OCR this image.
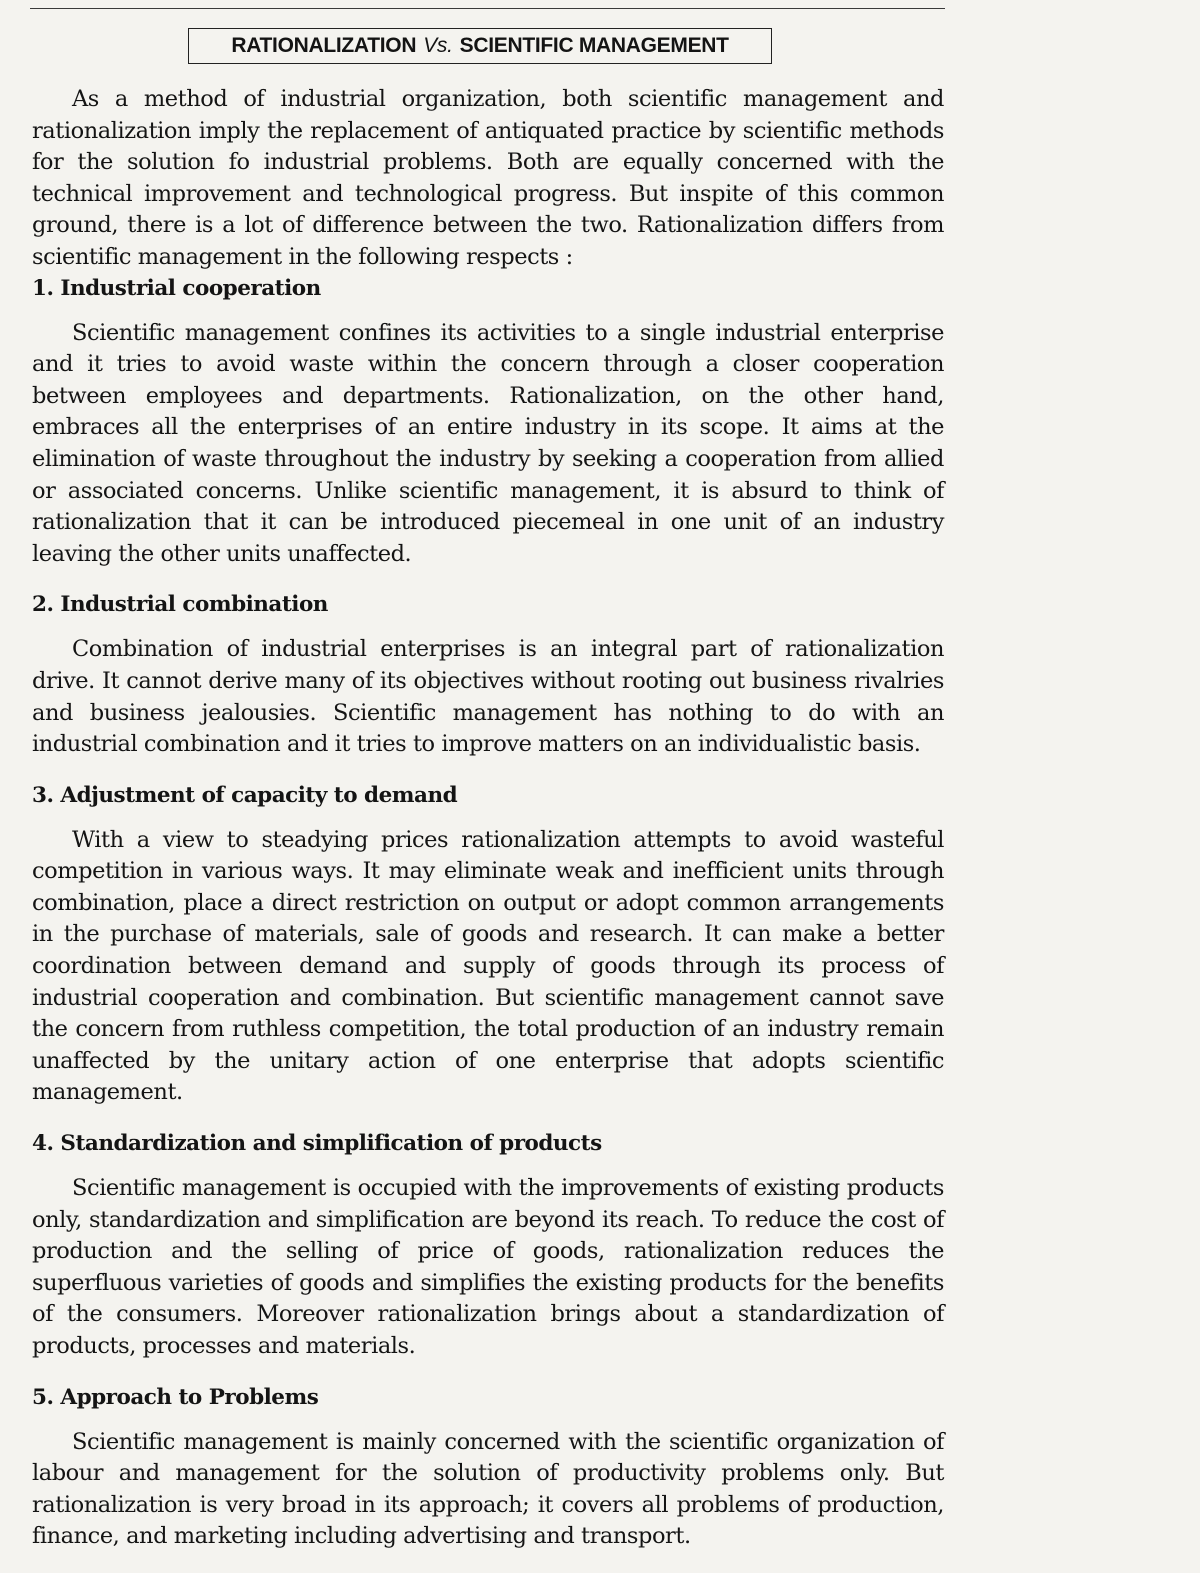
RATIONALIZATION Vs. SCIENTIFIC MANAGEMENT

As a method of industrial organization, both scientific management and rationalization imply the replacement of antiquated practice by scientific methods for the solution fo industrial problems. Both are equally concerned with the technical improvement and technological progress. But inspite of this common ground, there is a lot of difference between the two. Rationalization differs from scientific management in the following respects :

1. Industrial cooperation

Scientific management confines its activities to a single industrial enterprise and it tries to avoid waste within the concern through a closer cooperation between employees and departments. Rationalization, on the other hand, embraces all the enterprises of an entire industry in its scope. It aims at the elimination of waste throughout the industry by seeking a cooperation from allied or associated concerns. Unlike scientific management, it is absurd to think of rationalization that it can be introduced piecemeal in one unit of an industry leaving the other units unaffected.

2. Industrial combination

Combination of industrial enterprises is an integral part of rationalization drive. It cannot derive many of its objectives without rooting out business rivalries and business jealousies. Scientific management has nothing to do with an industrial combination and it tries to improve matters on an individualistic basis.

3. Adjustment of capacity to demand

With a view to steadying prices rationalization attempts to avoid wasteful competition in various ways. It may eliminate weak and inefficient units through combination, place a direct restriction on output or adopt common arrangements in the purchase of materials, sale of goods and research. It can make a better coordination between demand and supply of goods through its process of industrial cooperation and combination. But scientific management cannot save the concern from ruthless competition, the total production of an industry remain unaffected by the unitary action of one enterprise that adopts scientific management.

4. Standardization and simplification of products

Scientific management is occupied with the improvements of existing products only, standardization and simplification are beyond its reach. To reduce the cost of production and the selling of price of goods, rationalization reduces the superfluous varieties of goods and simplifies the existing products for the benefits of the consumers. Moreover rationalization brings about a standardization of products, processes and materials.

5. Approach to Problems

Scientific management is mainly concerned with the scientific organization of labour and management for the solution of productivity problems only. But rationalization is very broad in its approach; it covers all problems of production, finance, and marketing including advertising and transport.
